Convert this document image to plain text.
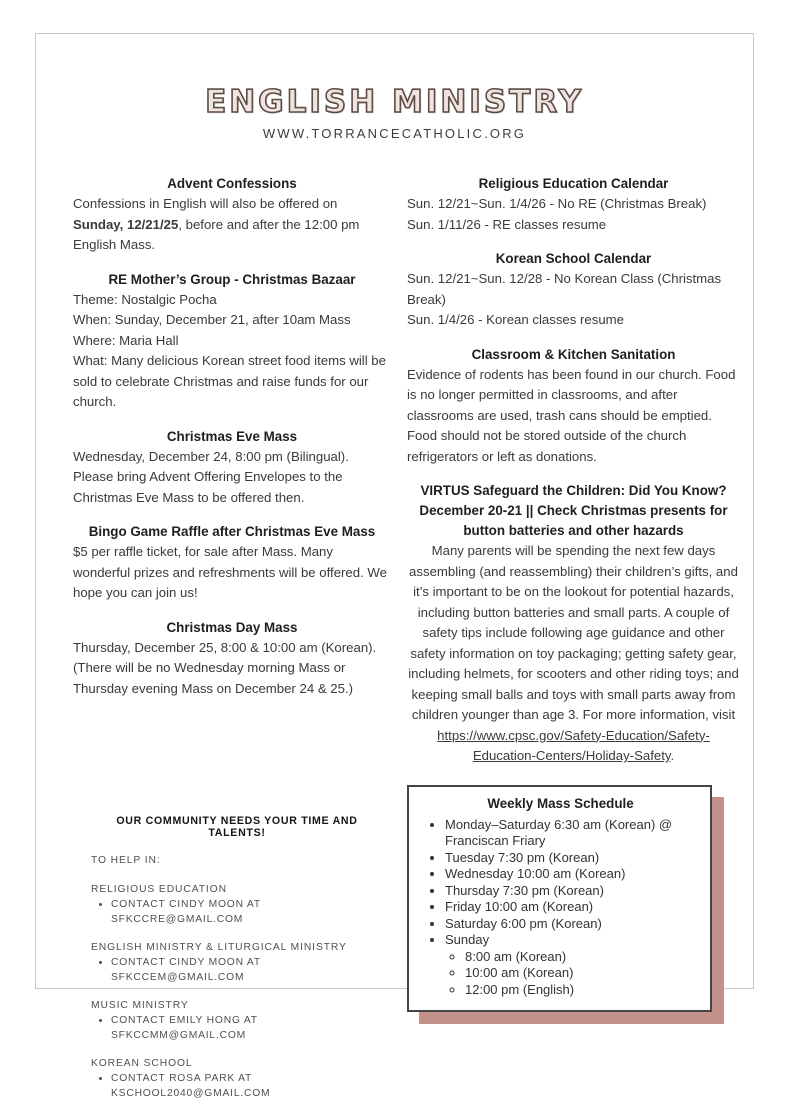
ENGLISH MINISTRY
WWW.TORRANCECATHOLIC.ORG
Advent Confessions

Confessions in English will also be offered on Sunday, 12/21/25, before and after the 12:00 pm English Mass.

RE Mother’s Group - Christmas Bazaar

Theme: Nostalgic Pocha

When: Sunday, December 21, after 10am Mass

Where: Maria Hall

What: Many delicious Korean street food items will be sold to celebrate Christmas and raise funds for our church.

Christmas Eve Mass

Wednesday, December 24, 8:00 pm (Bilingual). Please bring Advent Offering Envelopes to the Christmas Eve Mass to be offered then.

Bingo Game Raffle after Christmas Eve Mass

$5 per raffle ticket, for sale after Mass. Many wonderful prizes and refreshments will be offered. We hope you can join us!

Christmas Day Mass

Thursday, December 25, 8:00 & 10:00 am (Korean). (There will be no Wednesday morning Mass or Thursday evening Mass on December 24 & 25.)

OUR COMMUNITY NEEDS YOUR TIME AND TALENTS!
TO HELP IN:
RELIGIOUS EDUCATION
• CONTACT CINDY MOON AT SFKCCRE@GMAIL.COM
ENGLISH MINISTRY & LITURGICAL MINISTRY
• CONTACT CINDY MOON AT SFKCCEM@GMAIL.COM
MUSIC MINISTRY
• CONTACT EMILY HONG AT SFKCCMM@GMAIL.COM
KOREAN SCHOOL
• CONTACT ROSA PARK AT KSCHOOL2040@GMAIL.COM
Religious Education Calendar

Sun. 12/21~Sun. 1/4/26 - No RE (Christmas Break)

Sun. 1/11/26 - RE classes resume

Korean School Calendar

Sun. 12/21~Sun. 12/28 - No Korean Class (Christmas Break)

Sun. 1/4/26 - Korean classes resume

Classroom & Kitchen Sanitation

Evidence of rodents has been found in our church. Food is no longer permitted in classrooms, and after classrooms are used, trash cans should be emptied. Food should not be stored outside of the church refrigerators or left as donations.

VIRTUS Safeguard the Children: Did You Know? December 20-21 || Check Christmas presents for button batteries and other hazards

Many parents will be spending the next few days assembling (and reassembling) their children’s gifts, and it’s important to be on the lookout for potential hazards, including button batteries and small parts. A couple of safety tips include following age guidance and other safety information on toy packaging; getting safety gear, including helmets, for scooters and other riding toys; and keeping small balls and toys with small parts away from children younger than age 3. For more information, visit https://www.cpsc.gov/Safety-Education/Safety-Education-Centers/Holiday-Safety.

Weekly Mass Schedule
• Monday–Saturday 6:30 am (Korean) @ Franciscan Friary
• Tuesday 7:30 pm (Korean)
• Wednesday 10:00 am (Korean)
• Thursday 7:30 pm (Korean)
• Friday 10:00 am (Korean)
• Saturday 6:00 pm (Korean)
• Sunday
◦ 8:00 am (Korean)
◦ 10:00 am (Korean)
◦ 12:00 pm (English)
